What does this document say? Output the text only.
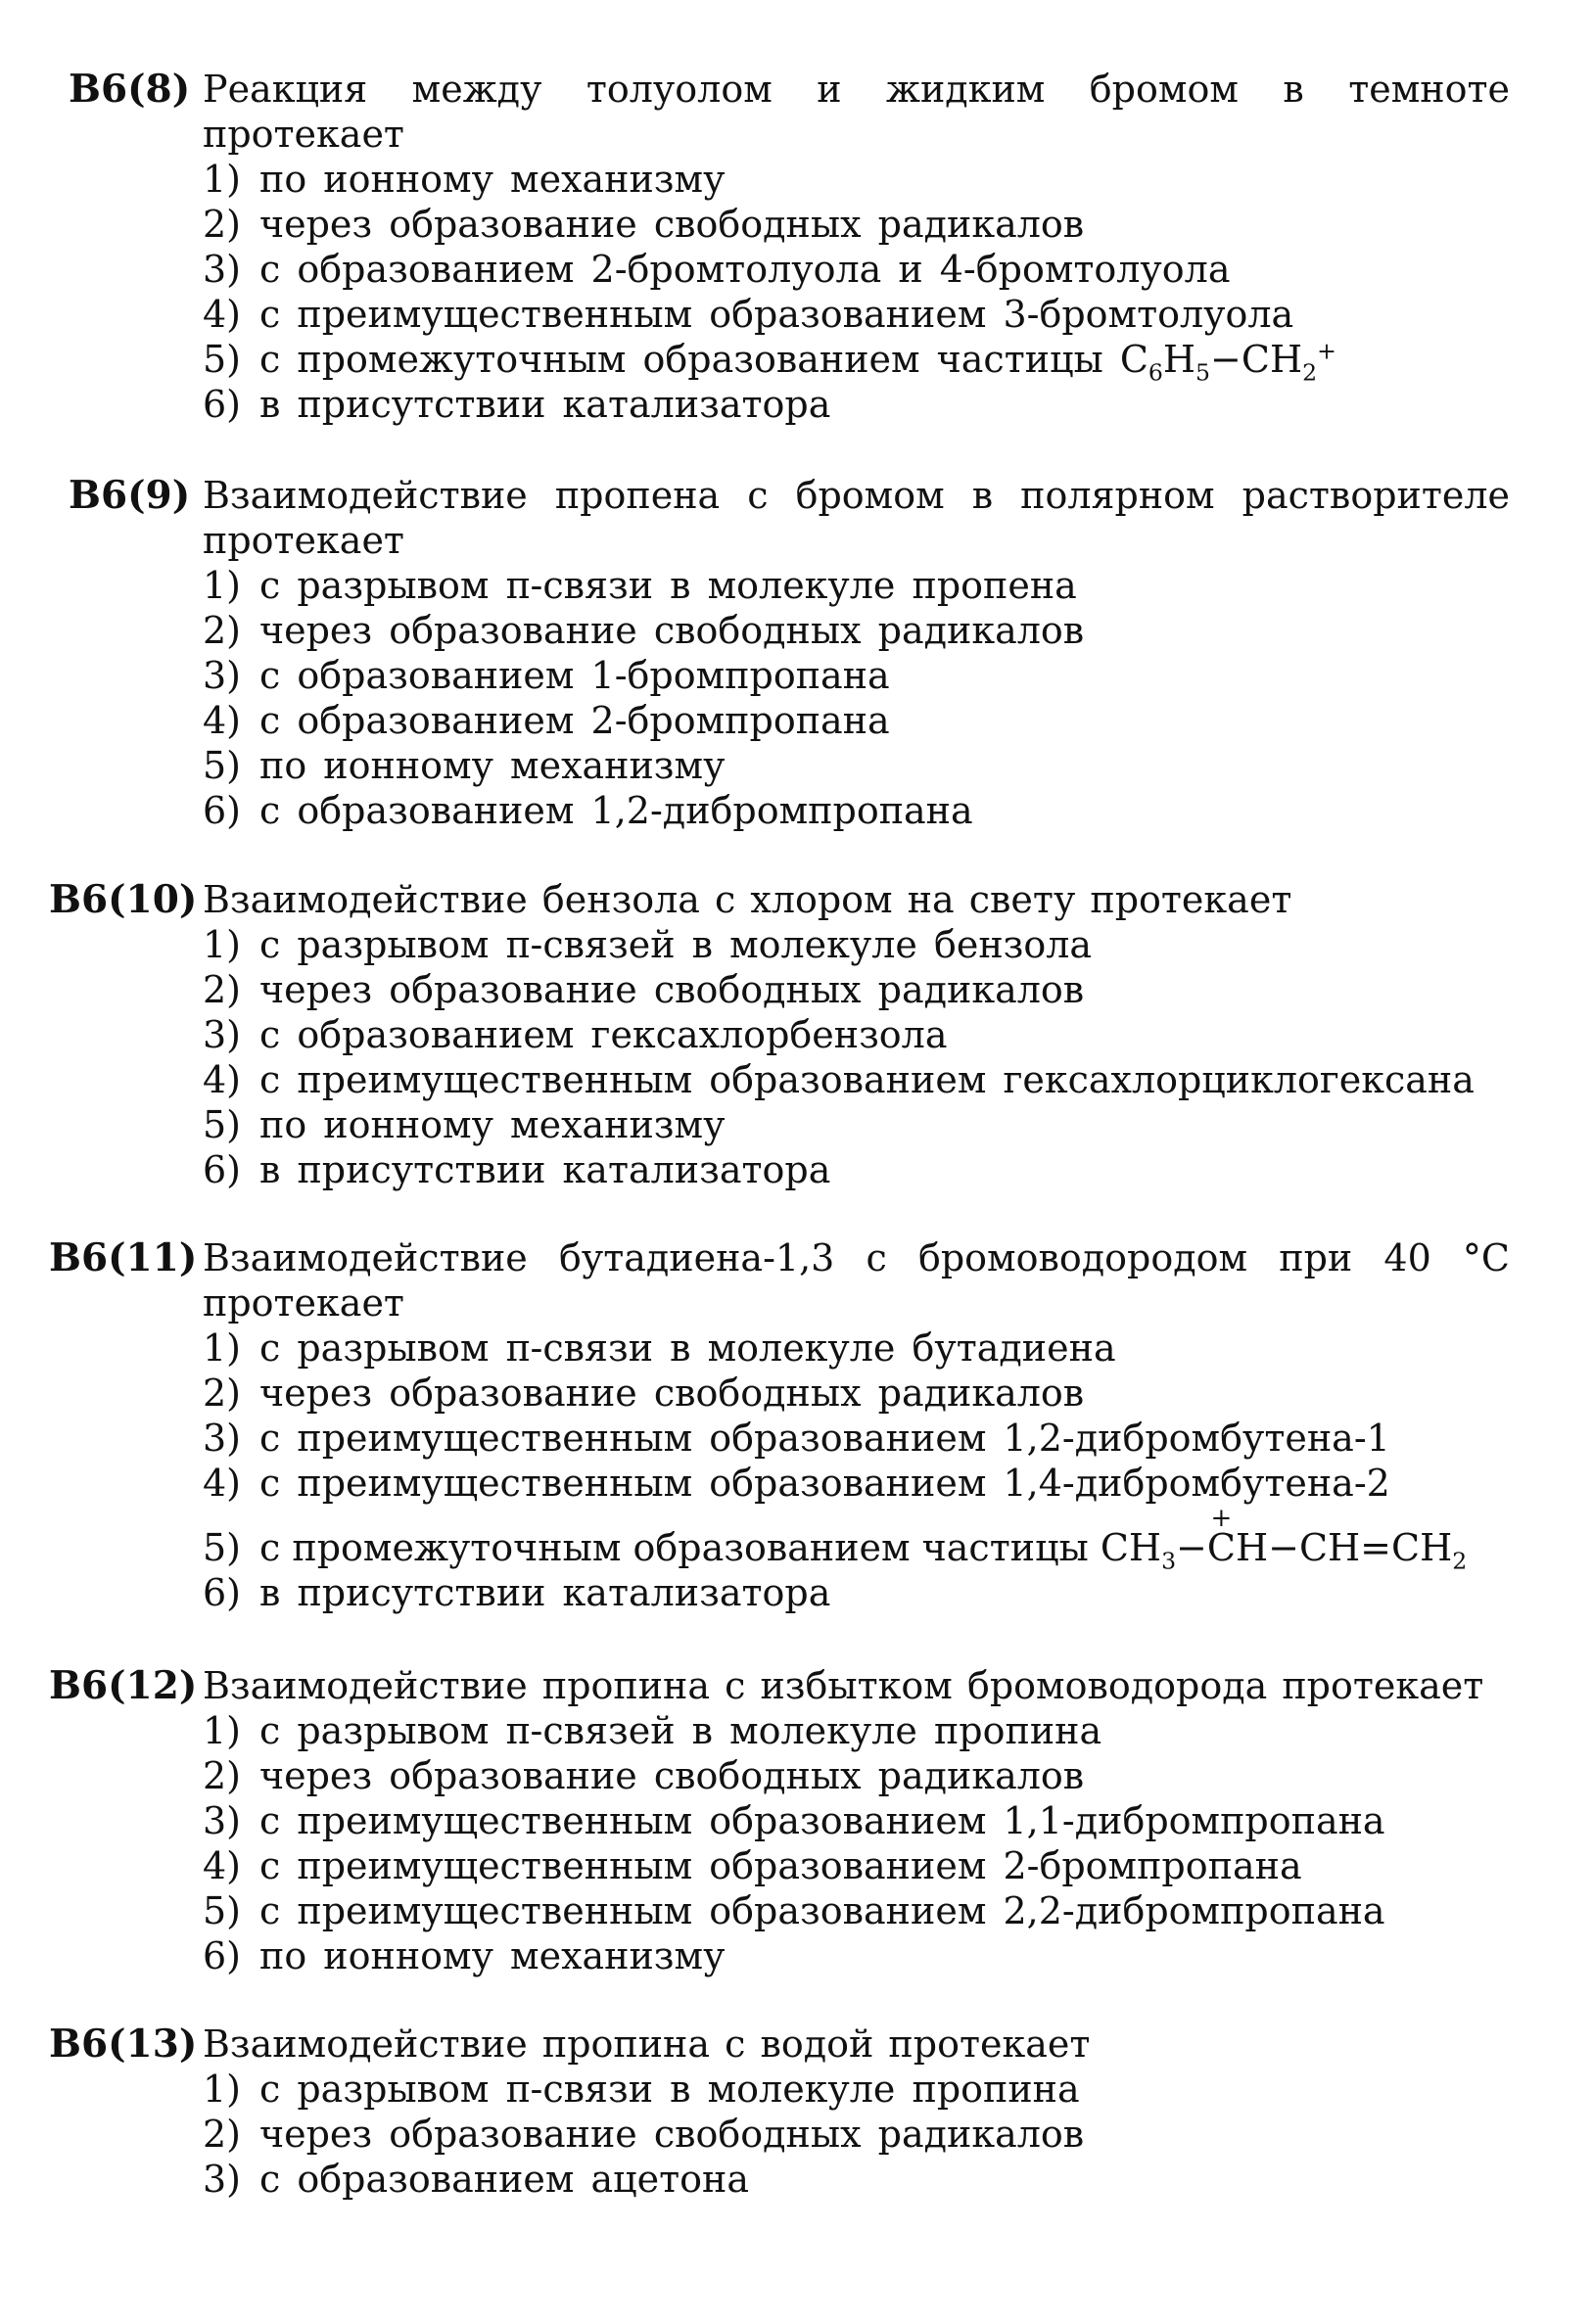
В6(8) Реакция между толуолом и жидким бромом в темноте протекает
1) по ионному механизму
2) через образование свободных радикалов
3) с образованием 2-бромтолуола и 4-бромтолуола
4) с преимущественным образованием 3-бромтолуола
5) с промежуточным образованием частицы $C_6H_5-CH_2^+$
6) в присутствии катализатора
В6(9) Взаимодействие пропена с бромом в полярном растворителе протекает
1) с разрывом π-связи в молекуле пропена
2) через образование свободных радикалов
3) с образованием 1-бромпропана
4) с образованием 2-бромпропана
5) по ионному механизму
6) с образованием 1,2-дибромпропана
В6(10) Взаимодействие бензола с хлором на свету протекает
1) с разрывом π-связей в молекуле бензола
2) через образование свободных радикалов
3) с образованием гексахлорбензола
4) с преимущественным образованием гексахлорциклогексана
5) по ионному механизму
6) в присутствии катализатора
В6(11) Взаимодействие бутадиена-1,3 с бромоводородом при 40 °C протекает
1) с разрывом π-связи в молекуле бутадиена
2) через образование свободных радикалов
3) с преимущественным образованием 1,2-дибромбутена-1
4) с преимущественным образованием 1,4-дибромбутена-2
5) с промежуточным образованием частицы $CH_3-+ CH-CH=CH_2$
6) в присутствии катализатора
В6(12) Взаимодействие пропина с избытком бромоводорода протекает
1) с разрывом π-связей в молекуле пропина
2) через образование свободных радикалов
3) с преимущественным образованием 1,1-дибромпропана
4) с преимущественным образованием 2-бромпропана
5) с преимущественным образованием 2,2-дибромпропана
6) по ионному механизму
В6(13) Взаимодействие пропина с водой протекает
1) с разрывом π-связи в молекуле пропина
2) через образование свободных радикалов
3) с образованием ацетона
